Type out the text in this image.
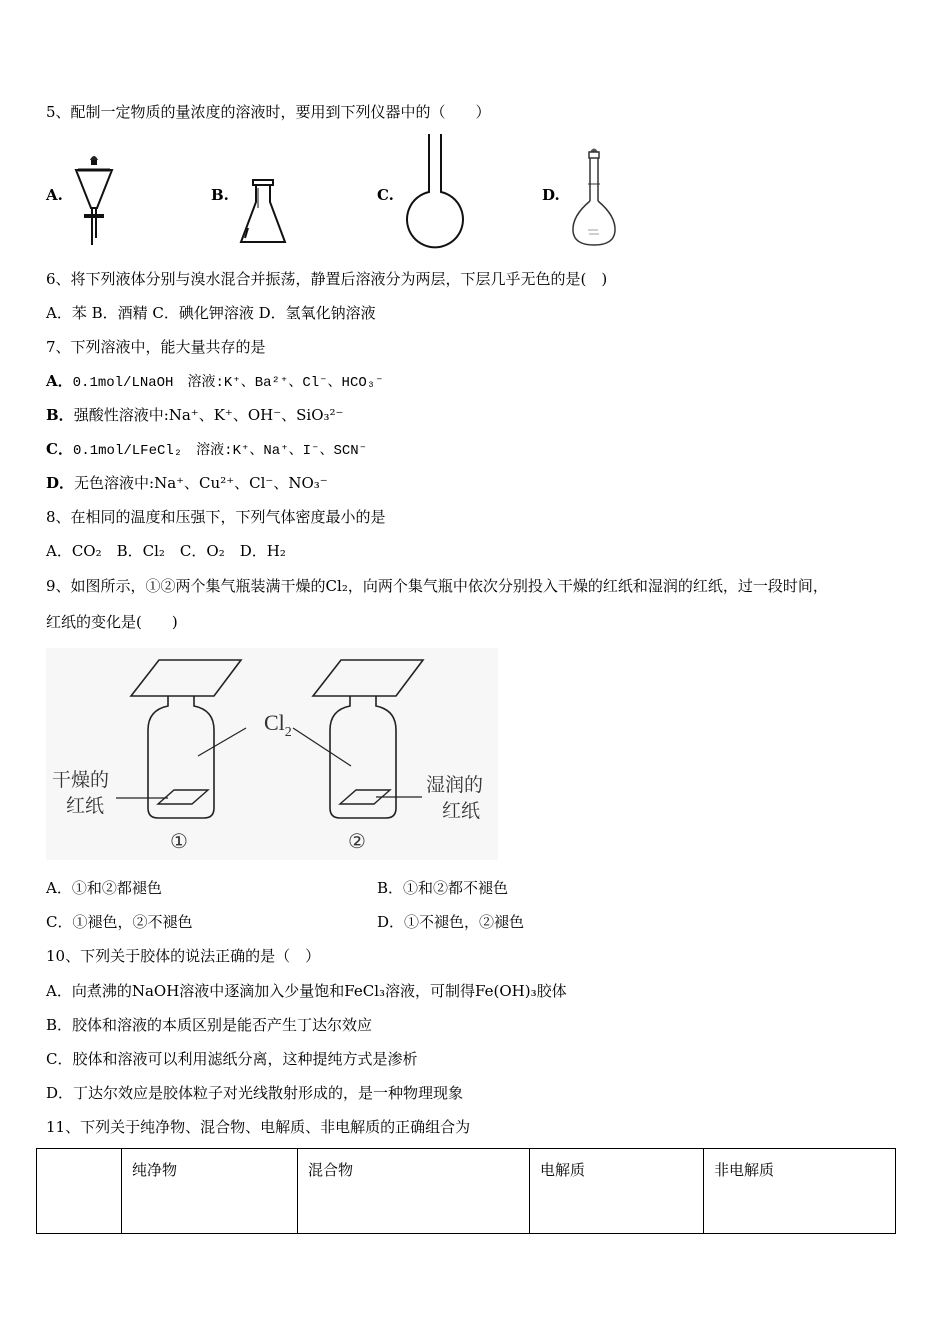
5、配制一定物质的量浓度的溶液时，要用到下列仪器中的（　　）
A.	B.	C.	D.
6、将下列液体分别与溴水混合并振荡，静置后溶液分为两层，下层几乎无色的是(　)
A．苯 B．酒精 C．碘化钾溶液 D．氢氧化钠溶液
7、下列溶液中，能大量共存的是
A．0.1mol/LNaOH　溶液:K⁺、Ba²⁺、Cl⁻、HCO₃⁻
B．强酸性溶液中:Na⁺、K⁺、OH⁻、SiO₃²⁻
C．0.1mol/LFeCl₂　溶液:K⁺、Na⁺、I⁻、SCN⁻
D．无色溶液中:Na⁺、Cu²⁺、Cl⁻、NO₃⁻
8、在相同的温度和压强下，下列气体密度最小的是
A．CO₂　B．Cl₂　C．O₂　D．H₂
9、如图所示，①②两个集气瓶装满干燥的Cl₂，向两个集气瓶中依次分别投入干燥的红纸和湿润的红纸，过一段时间，
红纸的变化是(　　)
$Cl_2$
干燥的
红纸
湿润的
红纸
①	②
A．①和②都褪色	B．①和②都不褪色
C．①褪色，②不褪色	D．①不褪色，②褪色
10、下列关于胶体的说法正确的是（　）
A．向煮沸的NaOH溶液中逐滴加入少量饱和FeCl₃溶液，可制得Fe(OH)₃胶体
B．胶体和溶液的本质区别是能否产生丁达尔效应
C．胶体和溶液可以利用滤纸分离，这种提纯方式是渗析
D．丁达尔效应是胶体粒子对光线散射形成的，是一种物理现象
11、下列关于纯净物、混合物、电解质、非电解质的正确组合为
	纯净物	混合物	电解质	非电解质
